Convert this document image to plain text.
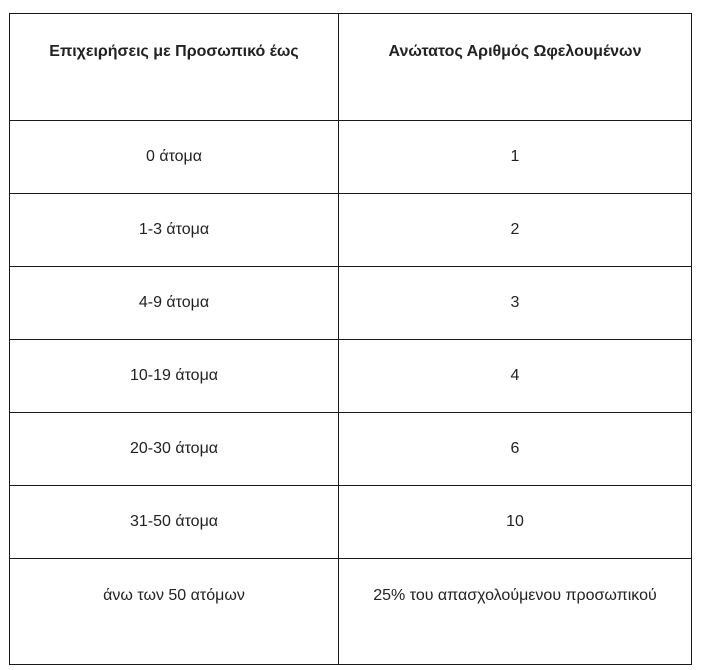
Επιχειρήσεις με Προσωπικό έως	Ανώτατος Αριθμός Ωφελουμένων
0 άτομα	1
1-3 άτομα	2
4-9 άτομα	3
10-19 άτομα	4
20-30 άτομα	6
31-50 άτομα	10
άνω των 50 ατόμων	25% του απασχολούμενου προσωπικού
